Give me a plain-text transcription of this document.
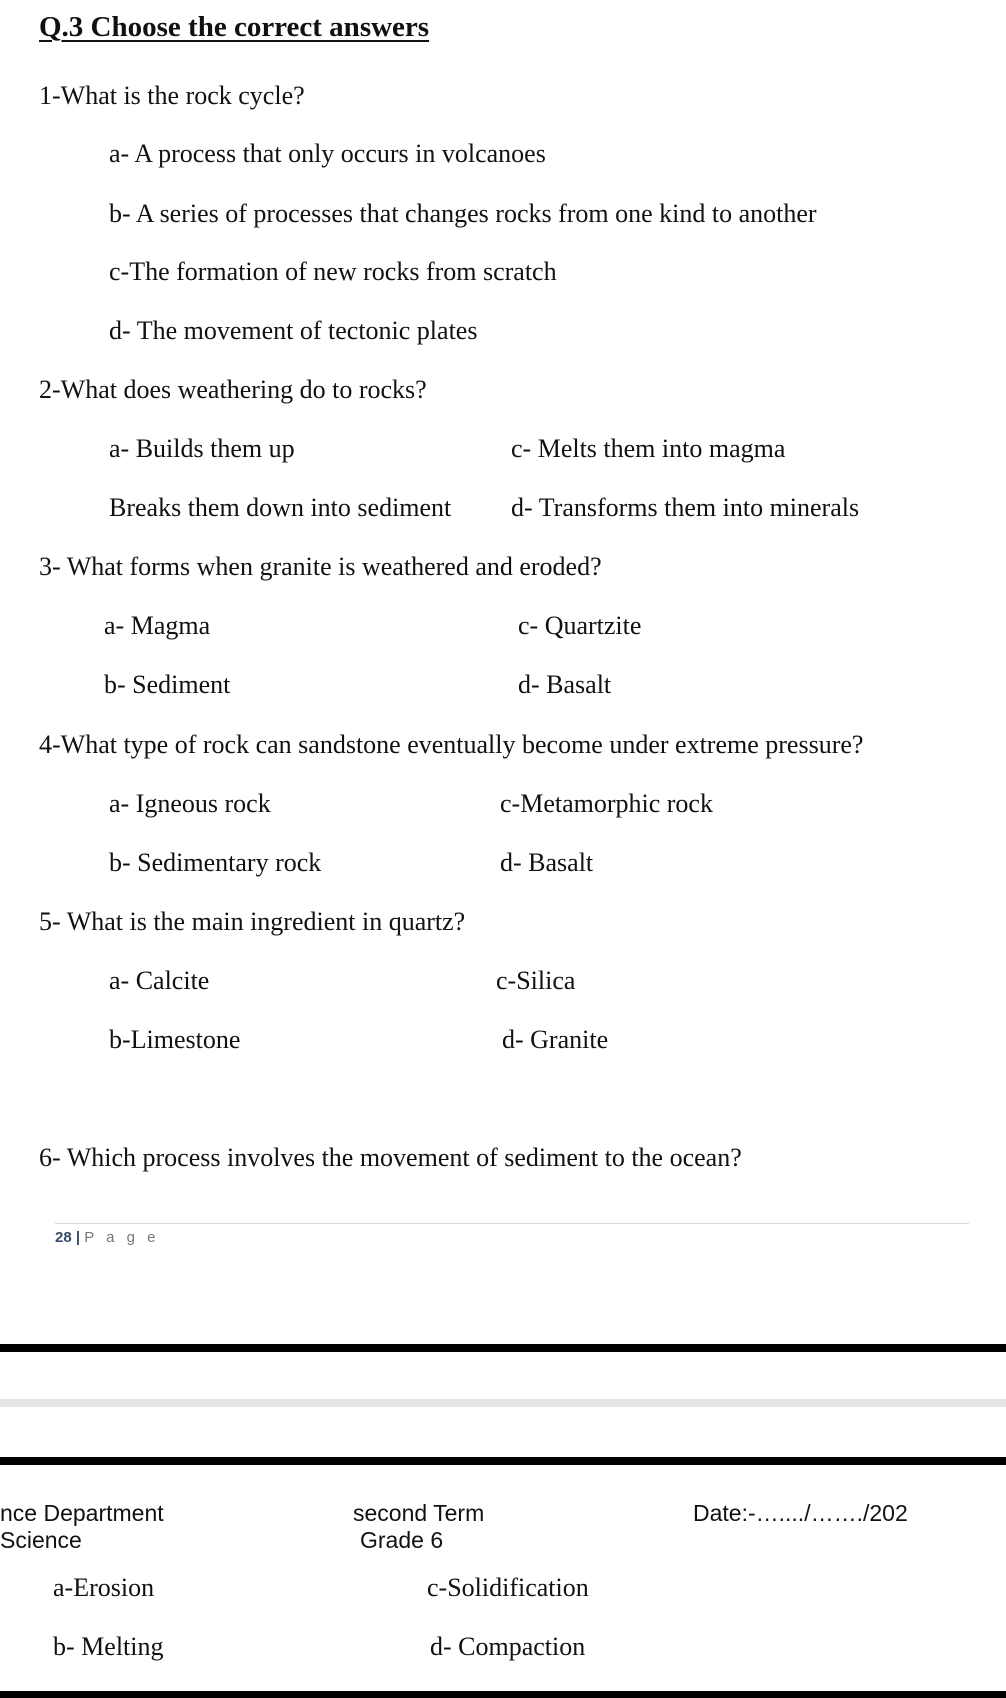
Q.3 Choose the correct answers
1-What is the rock cycle?
a- A process that only occurs in volcanoes
b- A series of processes that changes rocks from one kind to another
c-The formation of new rocks from scratch
d- The movement of tectonic plates
2-What does weathering do to rocks?
a- Builds them up	c- Melts them into magma
Breaks them down into sediment d- Transforms them into minerals
3- What forms when granite is weathered and eroded?
a- Magma	c- Quartzite
b- Sediment	d- Basalt
4-What type of rock can sandstone eventually become under extreme pressure?
a- Igneous rock	c-Metamorphic rock
b- Sedimentary rock	d- Basalt
5- What is the main ingredient in quartz?
a- Calcite	c-Silica
b-Limestone	d- Granite
6- Which process involves the movement of sediment to the ocean?
28 | P a g e
nce Department
Science
second Term
Grade 6
Date:-…..../……./202
a-Erosion	c-Solidification
b- Melting	d- Compaction
